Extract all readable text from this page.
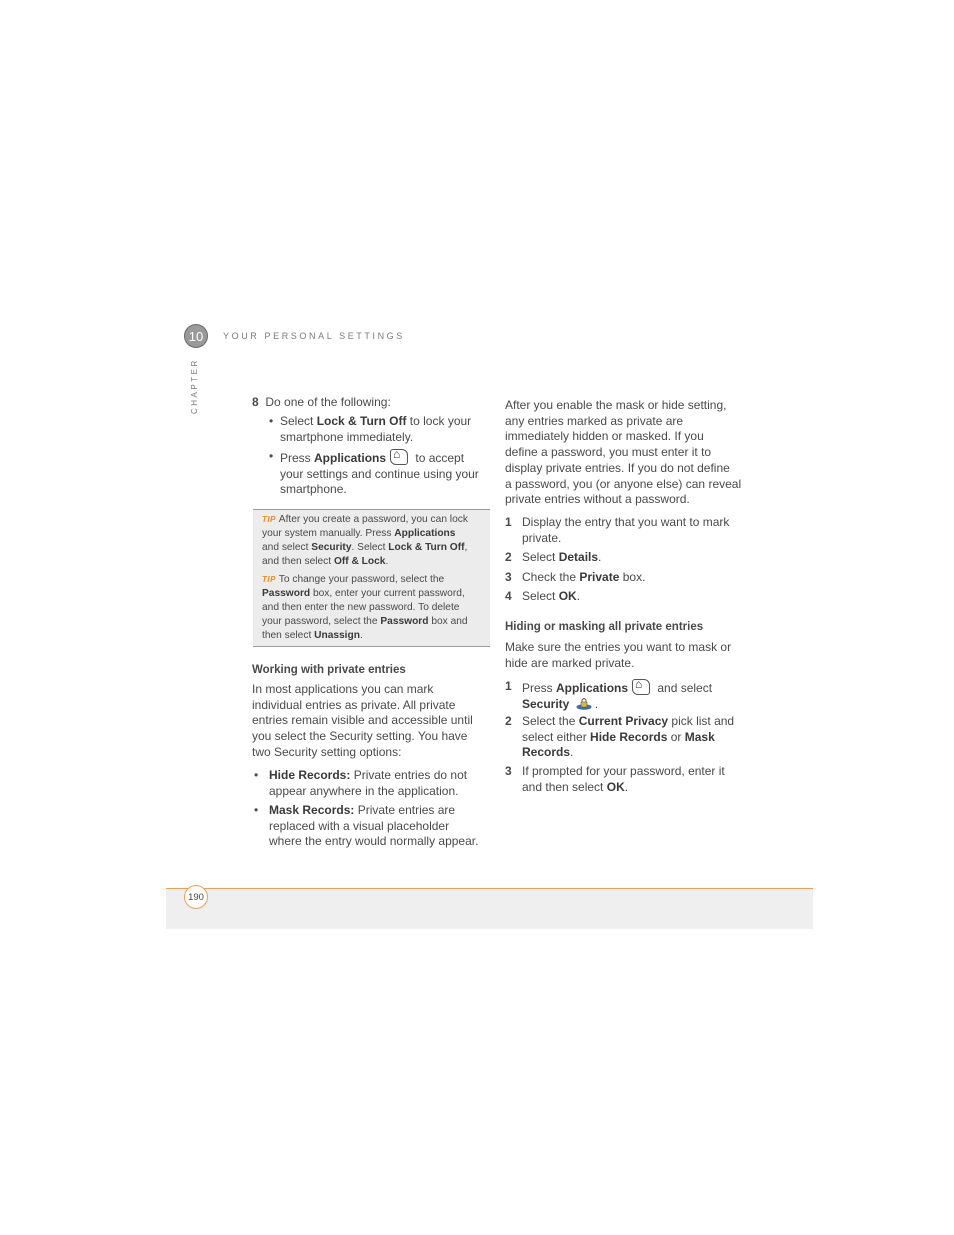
10	YOUR PERSONAL SETTINGS
CHAPTER	8 Do one of the following:
• Select Lock & Turn Off to lock your
smartphone immediately.
• Press Applications⌂ to accept
your settings and continue using your
smartphone.
TIP After you create a password, you can lock
your system manually. Press Applications
and select Security. Select Lock & Turn Off,
and then select Off & Lock.
TIP To change your password, select the
Password box, enter your current password,
and then enter the new password. To delete
your password, select the Password box and
then select Unassign.
Working with private entries
In most applications you can mark
individual entries as private. All private
entries remain visible and accessible until
you select the Security setting. You have
two Security setting options:
• Hide Records: Private entries do not
appear anywhere in the application.
• Mask Records: Private entries are
replaced with a visual placeholder
where the entry would normally appear.
After you enable the mask or hide setting,
any entries marked as private are
immediately hidden or masked. If you
define a password, you must enter it to
display private entries. If you do not define
a password, you (or anyone else) can reveal
private entries without a password.
1 Display the entry that you want to mark
private.
2 Select Details.
3 Check the Private box.
4 Select OK.
Hiding or masking all private entries
Make sure the entries you want to mask or
hide are marked private.
1 Press Applications⌂ and select
Security .
2 Select the Current Privacy pick list and
select either Hide Records or Mask
Records.
3 If prompted for your password, enter it
and then select OK.
190
